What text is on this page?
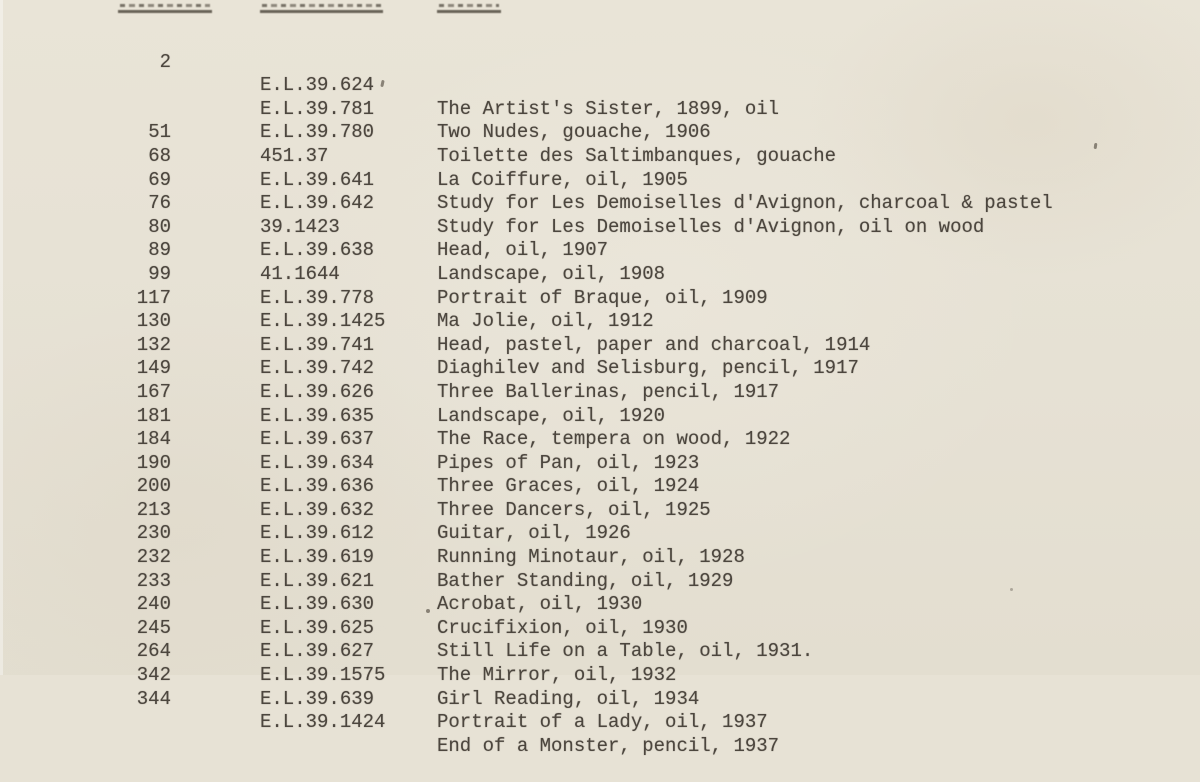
2

E.L.39.624

The Artist's Sister, 1899, oil

E.L.39.781

Two Nudes, gouache, 1906

E.L.39.780

Toilette des Saltimbanques, gouache

51

451.37

La Coiffure, oil, 1905

68

E.L.39.641

Study for Les Demoiselles d'Avignon, charcoal & pastel

69

E.L.39.642

Study for Les Demoiselles d'Avignon, oil on wood

76

39.1423

Head, oil, 1907

80

E.L.39.638

Landscape, oil, 1908

89

41.1644

Portrait of Braque, oil, 1909

99

E.L.39.778

Ma Jolie, oil, 1912

117

E.L.39.1425

Head, pastel, paper and charcoal, 1914

130

E.L.39.741

Diaghilev and Selisburg, pencil, 1917

132

E.L.39.742

Three Ballerinas, pencil, 1917

149

E.L.39.626

Landscape, oil, 1920

167

E.L.39.635

The Race, tempera on wood, 1922

181

E.L.39.637

Pipes of Pan, oil, 1923

184

E.L.39.634

Three Graces, oil, 1924

190

E.L.39.636

Three Dancers, oil, 1925

200

E.L.39.632

Guitar, oil, 1926

213

E.L.39.612

Running Minotaur, oil, 1928

230

E.L.39.619

Bather Standing, oil, 1929

232

E.L.39.621

Acrobat, oil, 1930

233

E.L.39.630

Crucifixion, oil, 1930

240

E.L.39.625

Still Life on a Table, oil, 1931.

245

E.L.39.627

The Mirror, oil, 1932

264

E.L.39.1575

Girl Reading, oil, 1934

342

E.L.39.639

Portrait of a Lady, oil, 1937

344

E.L.39.1424

End of a Monster, pencil, 1937
